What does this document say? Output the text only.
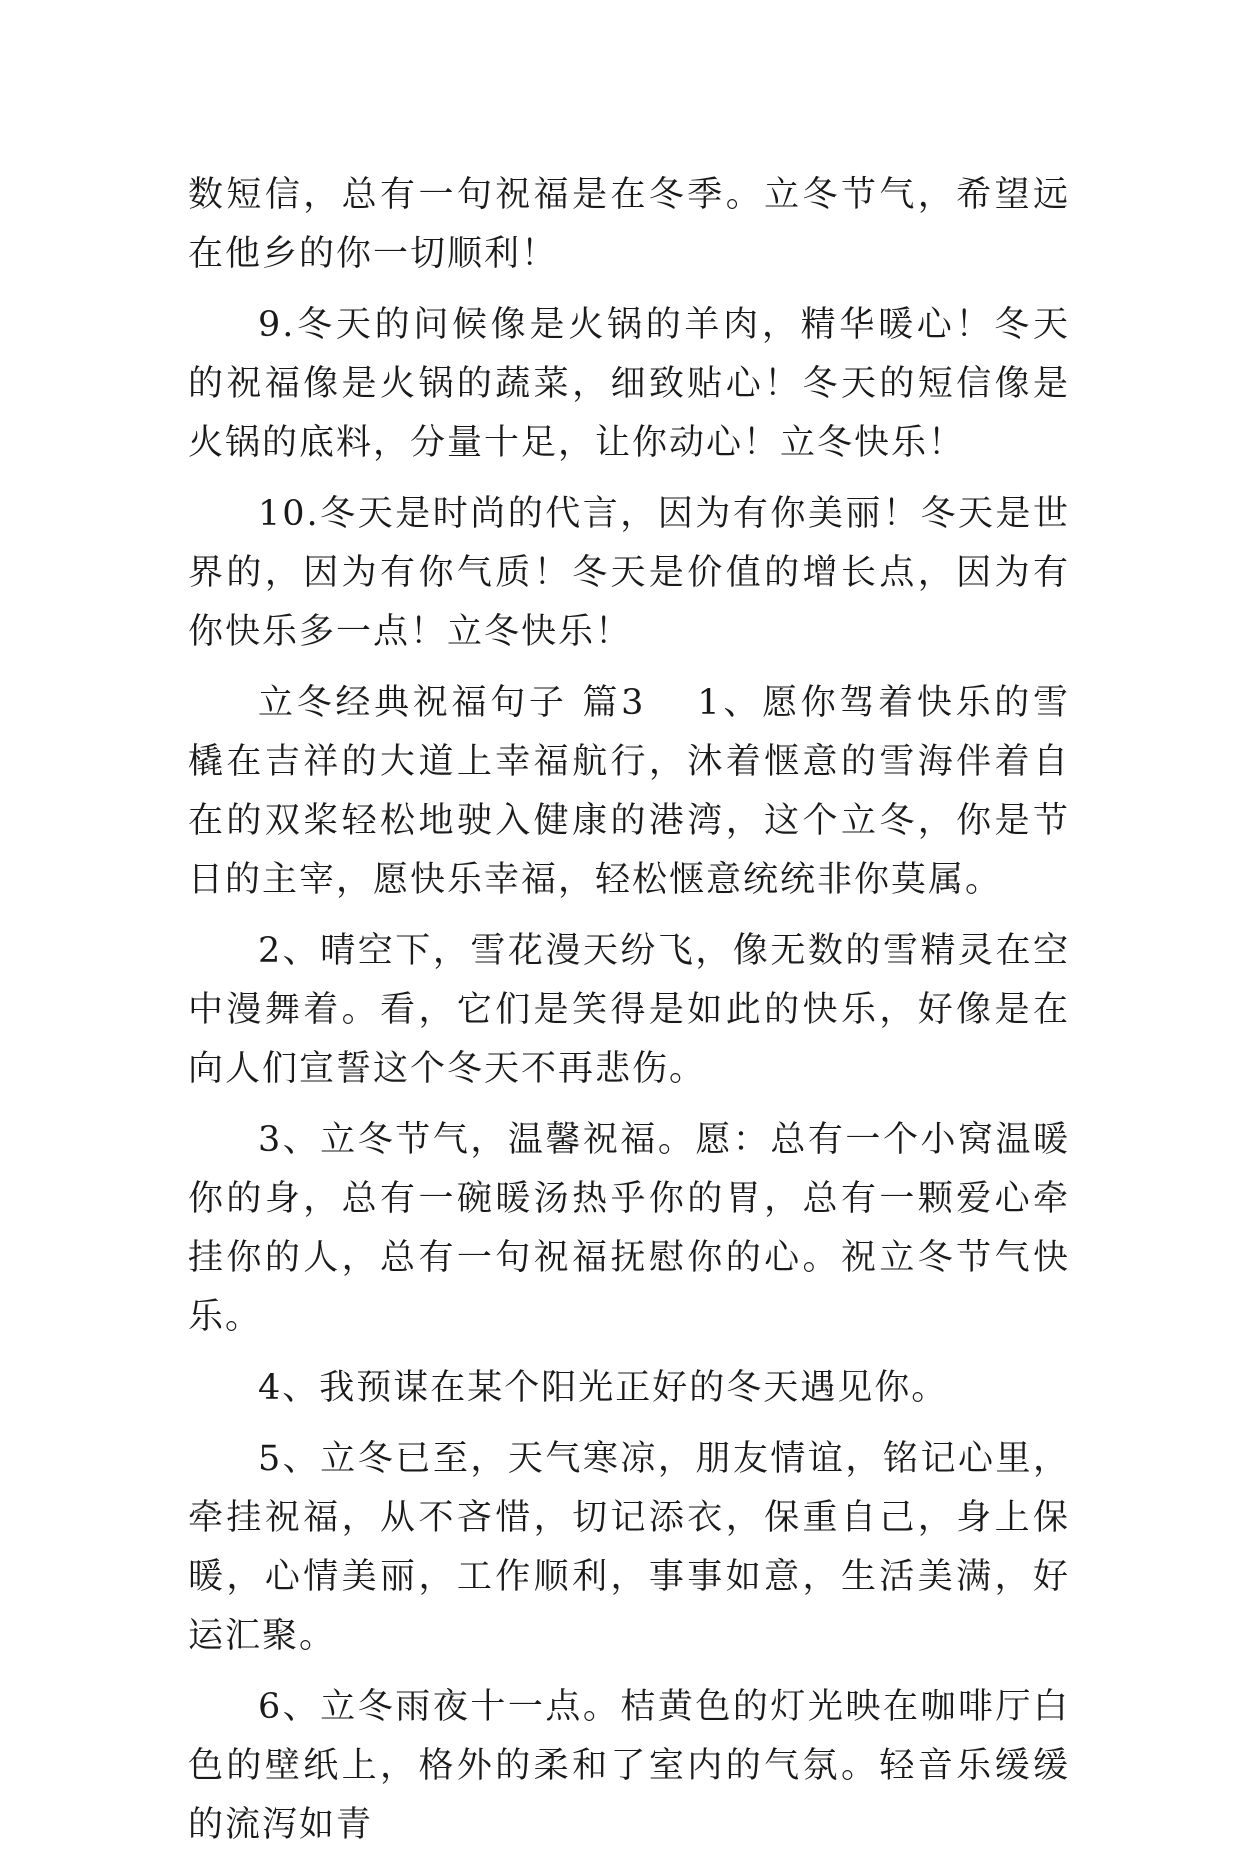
数短信，总有一句祝福是在冬季。立冬节气，希望远在他乡的你一切顺利！

9.冬天的问候像是火锅的羊肉，精华暖心！冬天的祝福像是火锅的蔬菜，细致贴心！冬天的短信像是火锅的底料，分量十足，让你动心！立冬快乐！

10.冬天是时尚的代言，因为有你美丽！冬天是世界的，因为有你气质！冬天是价值的增长点，因为有你快乐多一点！立冬快乐！

立冬经典祝福句子 篇3 1、愿你驾着快乐的雪橇在吉祥的大道上幸福航行，沐着惬意的雪海伴着自在的双桨轻松地驶入健康的港湾，这个立冬，你是节日的主宰，愿快乐幸福，轻松惬意统统非你莫属。

2、晴空下，雪花漫天纷飞，像无数的雪精灵在空中漫舞着。看，它们是笑得是如此的快乐，好像是在向人们宣誓这个冬天不再悲伤。

3、立冬节气，温馨祝福。愿：总有一个小窝温暖你的身，总有一碗暖汤热乎你的胃，总有一颗爱心牵挂你的人，总有一句祝福抚慰你的心。祝立冬节气快乐。

4、我预谋在某个阳光正好的冬天遇见你。

5、立冬已至，天气寒凉，朋友情谊，铭记心里，牵挂祝福，从不吝惜，切记添衣，保重自己，身上保暖，心情美丽，工作顺利，事事如意，生活美满，好运汇聚。

6、立冬雨夜十一点。桔黄色的灯光映在咖啡厅白色的壁纸上，格外的柔和了室内的气氛。轻音乐缓缓的流泻如青
